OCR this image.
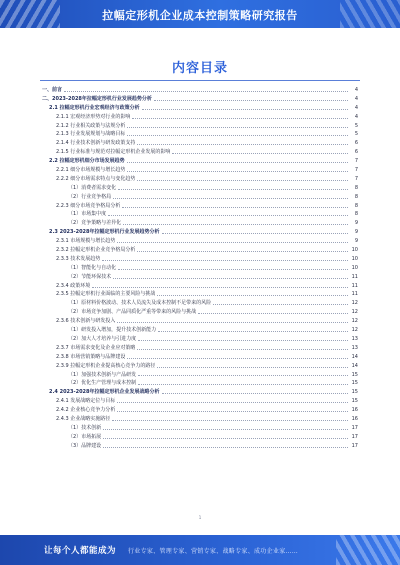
拉幅定形机企业成本控制策略研究报告
内容目录
一、前言	4
二、2023-2028年拉幅定形机行业发展趋势分析	4
2.1 拉幅定形机行业宏观经济与政策分析	4
2.1.1 宏观经济形势对行业的影响	4
2.1.2 行业相关政策与法规分析	5
2.1.3 行业发展规划与战略目标	5
2.1.4 行业技术创新与研发政策支持	6
2.1.5 行业标准与规范对拉幅定形机企业发展的影响	6
2.2 拉幅定形机细分市场发展趋势	7
2.2.1 细分市场规模与增长趋势	7
2.2.2 细分市场需求特点与变化趋势	7
（1）消费者需求变化	8
（2）行业竞争格局	8
2.2.3 细分市场竞争格局分析	8
（1）市场集中度	8
（2）竞争策略与差异化	9
2.3 2023-2028年拉幅定形机行业发展趋势分析	9
2.3.1 市场规模与增长趋势	9
2.3.2 拉幅定形机企业竞争格局分析	10
2.3.3 技术发展趋势	10
（1）智能化与自动化	10
（2）节能环保技术	11
2.3.4 政策环境	11
2.3.5 拉幅定形机行业面临的主要风险与挑战	11
（1）原材料价格波动、技术人员流失及成本控制不足带来的风险	12
（2）市场竞争加剧、产品同质化严重等带来的风险与挑战	12
2.3.6 技术创新与研发投入	12
（1）研发投入增加，提升技术创新能力	12
（2）加大人才培养与引进力度	13
2.3.7 市场需求变化及企业应对策略	13
2.3.8 市场营销策略与品牌建设	14
2.3.9 拉幅定形机企业提高核心竞争力的路径	14
（1）加强技术创新与产品研发	15
（2）优化生产管理与成本控制	15
2.4 2023-2028年拉幅定形机企业发展战略分析	15
2.4.1 发展战略定位与目标	15
2.4.2 企业核心竞争力分析	16
2.4.3 企业战略实施路径	16
（1）技术创新	17
（2）市场拓展	17
（3）品牌建设	17
1
让每个人都能成为 行业专家、管理专家、营销专家、战略专家、成功企业家……
